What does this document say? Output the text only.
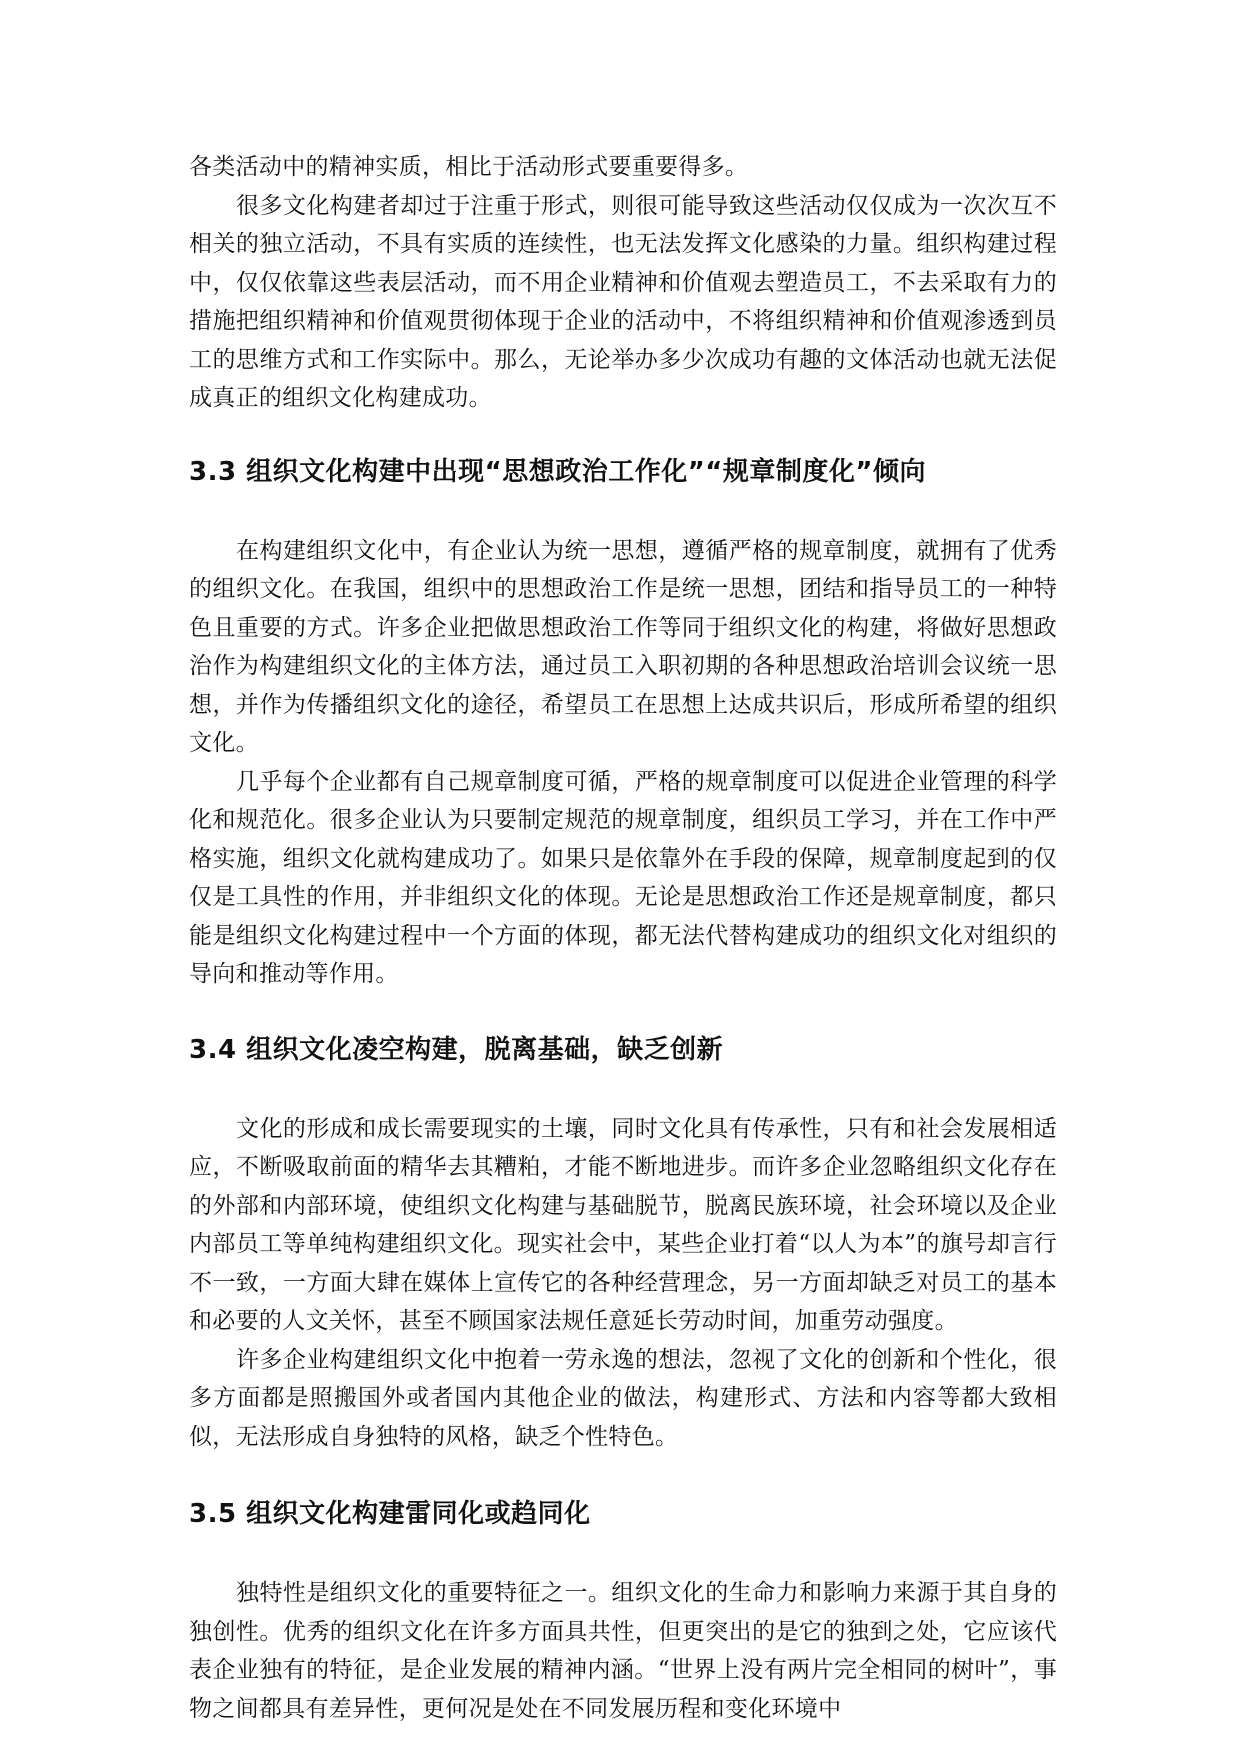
各类活动中的精神实质，相比于活动形式要重要得多。

很多文化构建者却过于注重于形式，则很可能导致这些活动仅仅成为一次次互不相关的独立活动，不具有实质的连续性，也无法发挥文化感染的力量。组织构建过程中，仅仅依靠这些表层活动，而不用企业精神和价值观去塑造员工，不去采取有力的措施把组织精神和价值观贯彻体现于企业的活动中，不将组织精神和价值观渗透到员工的思维方式和工作实际中。那么，无论举办多少次成功有趣的文体活动也就无法促成真正的组织文化构建成功。

3.3 组织文化构建中出现“思想政治工作化”“规章制度化”倾向

在构建组织文化中，有企业认为统一思想，遵循严格的规章制度，就拥有了优秀的组织文化。在我国，组织中的思想政治工作是统一思想，团结和指导员工的一种特色且重要的方式。许多企业把做思想政治工作等同于组织文化的构建，将做好思想政治作为构建组织文化的主体方法，通过员工入职初期的各种思想政治培训会议统一思想，并作为传播组织文化的途径，希望员工在思想上达成共识后，形成所希望的组织文化。

几乎每个企业都有自己规章制度可循，严格的规章制度可以促进企业管理的科学化和规范化。很多企业认为只要制定规范的规章制度，组织员工学习，并在工作中严格实施，组织文化就构建成功了。如果只是依靠外在手段的保障，规章制度起到的仅仅是工具性的作用，并非组织文化的体现。无论是思想政治工作还是规章制度，都只能是组织文化构建过程中一个方面的体现，都无法代替构建成功的组织文化对组织的导向和推动等作用。

3.4 组织文化凌空构建，脱离基础，缺乏创新

文化的形成和成长需要现实的土壤，同时文化具有传承性，只有和社会发展相适应，不断吸取前面的精华去其糟粕，才能不断地进步。而许多企业忽略组织文化存在的外部和内部环境，使组织文化构建与基础脱节，脱离民族环境，社会环境以及企业内部员工等单纯构建组织文化。现实社会中，某些企业打着“以人为本”的旗号却言行不一致，一方面大肆在媒体上宣传它的各种经营理念，另一方面却缺乏对员工的基本和必要的人文关怀，甚至不顾国家法规任意延长劳动时间，加重劳动强度。

许多企业构建组织文化中抱着一劳永逸的想法，忽视了文化的创新和个性化，很多方面都是照搬国外或者国内其他企业的做法，构建形式、方法和内容等都大致相似，无法形成自身独特的风格，缺乏个性特色。

3.5 组织文化构建雷同化或趋同化

独特性是组织文化的重要特征之一。组织文化的生命力和影响力来源于其自身的独创性。优秀的组织文化在许多方面具共性，但更突出的是它的独到之处，它应该代表企业独有的特征，是企业发展的精神内涵。“世界上没有两片完全相同的树叶”，事物之间都具有差异性，更何况是处在不同发展历程和变化环境中
